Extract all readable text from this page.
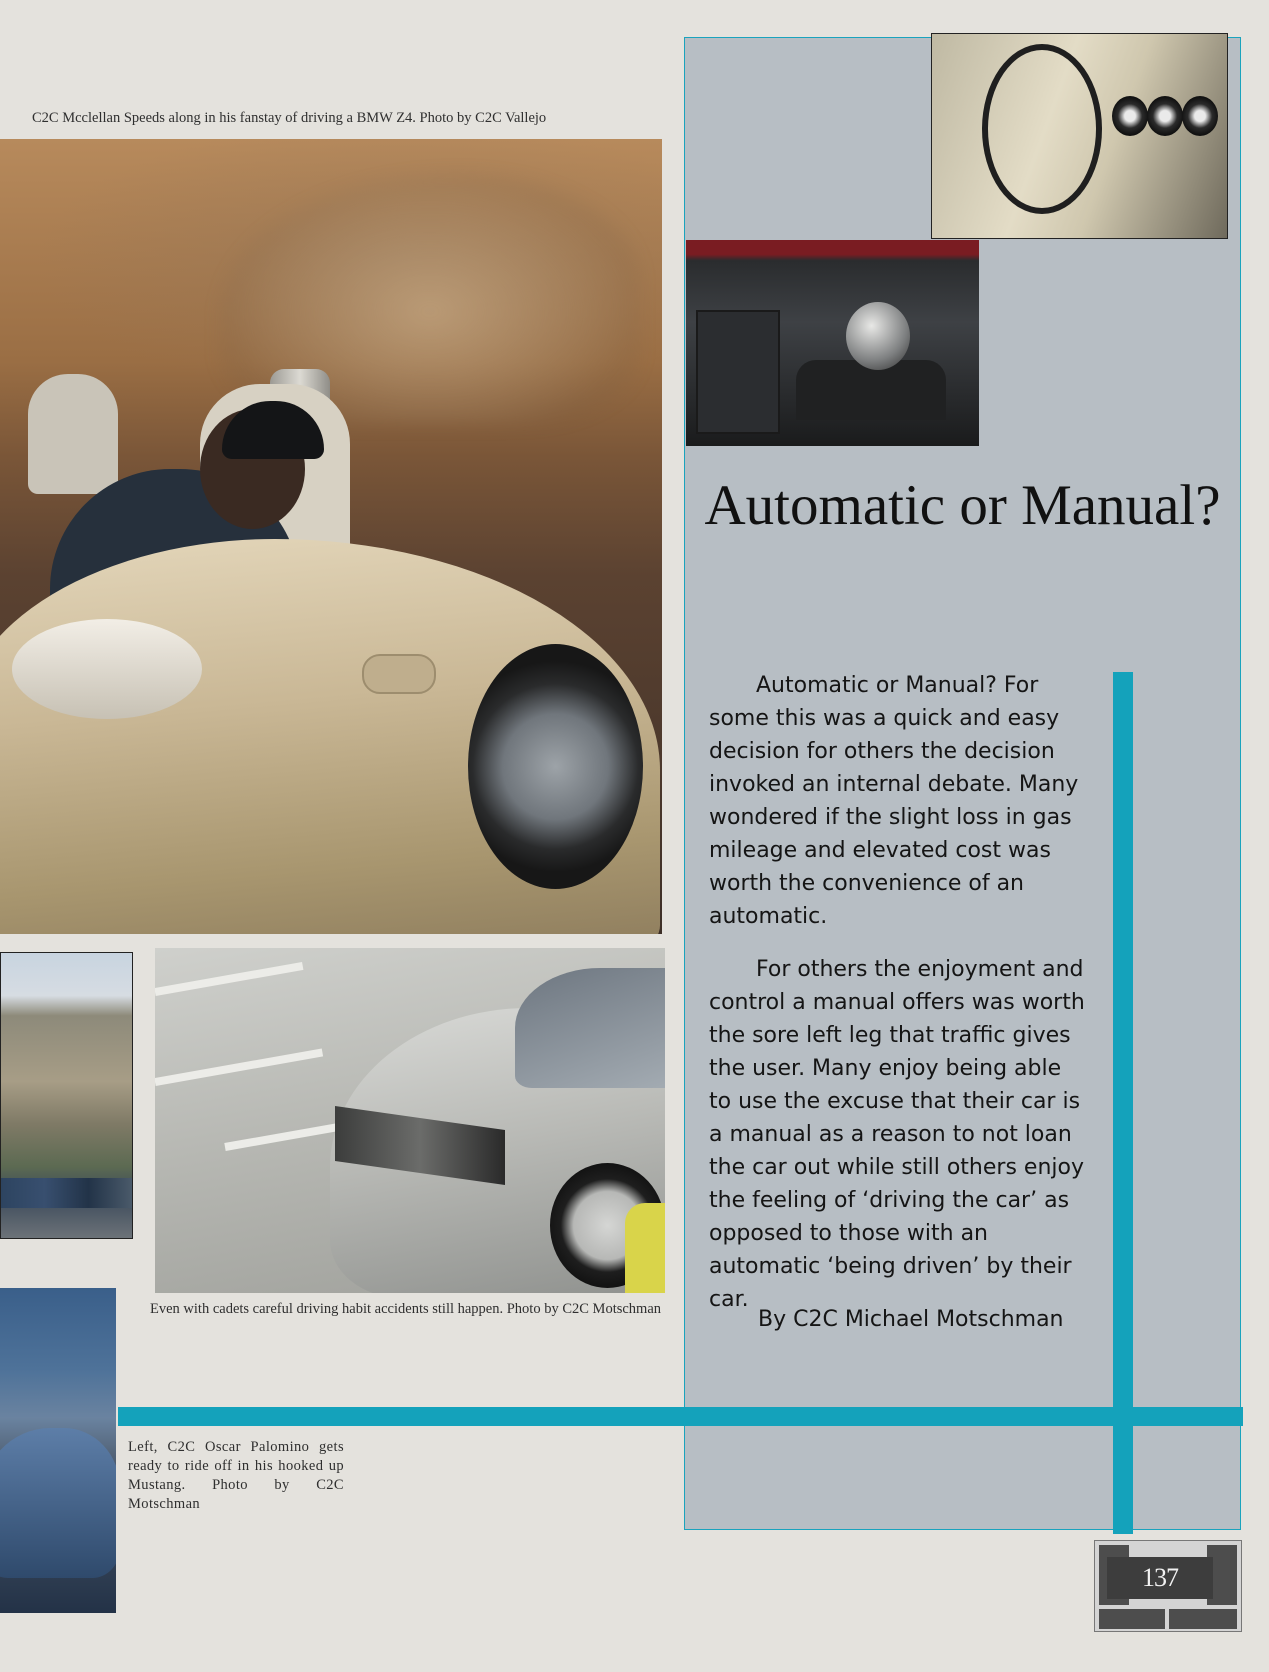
C2C Mcclellan Speeds along in his fanstay of driving a BMW Z4. Photo by C2C Vallejo
Even with cadets careful driving habit accidents still happen. Photo by C2C Motschman
Left, C2C Oscar Palomino gets ready to ride off in his hooked up Mustang. Photo by C2C Motschman
Automatic or Manual?

Automatic or Manual? For some this was a quick and easy decision for others the decision invoked an internal debate. Many wondered if the slight loss in gas mileage and elevated cost was worth the convenience of an automatic.

For others the enjoyment and control a manual offers was worth the sore left leg that traffic gives the user. Many enjoy being able to use the excuse that their car is a manual as a reason to not loan the car out while still others enjoy the feeling of ‘driving the car’ as opposed to those with an automatic ‘being driven’ by their car.

By C2C Michael Motschman
137
